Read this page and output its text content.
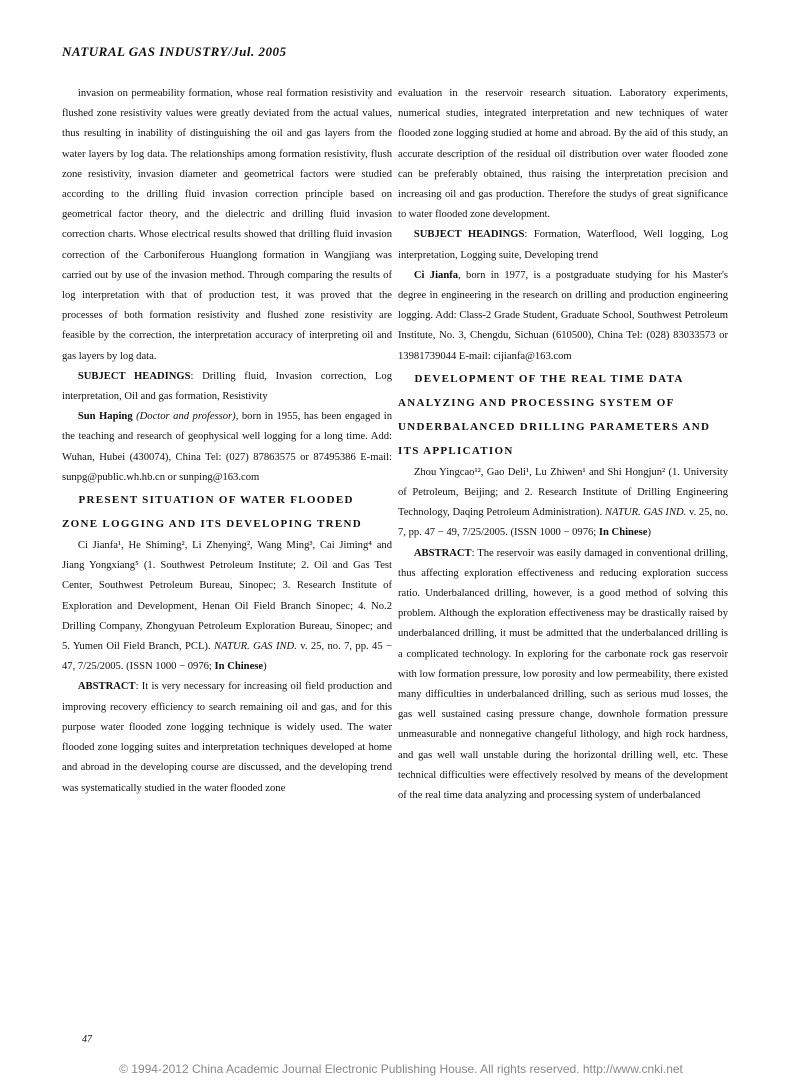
NATURAL GAS INDUSTRY/Jul. 2005

invasion on permeability formation, whose real formation resistivity and flushed zone resistivity values were greatly deviated from the actual values, thus resulting in inability of distinguishing the oil and gas layers from the water layers by log data. The relationships among formation resistivity, flush zone resistivity, invasion diameter and geometrical factors were studied according to the drilling fluid invasion correction principle based on geometrical factor theory, and the dielectric and drilling fluid invasion correction charts. Whose electrical results showed that drilling fluid invasion correction of the Carboniferous Huanglong formation in Wangjiang was carried out by use of the invasion method. Through comparing the results of log interpretation with that of production test, it was proved that the processes of both formation resistivity and flushed zone resistivity are feasible by the correction, the interpretation accuracy of interpreting oil and gas layers by log data.

SUBJECT HEADINGS: Drilling fluid, Invasion correction, Log interpretation, Oil and gas formation, Resistivity

Sun Haping (Doctor and professor), born in 1955, has been engaged in the teaching and research of geophysical well logging for a long time. Add: Wuhan, Hubei (430074), China Tel: (027) 87863575 or 87495386 E-mail: sunpg@public.wh.hb.cn or sunping@163.com

PRESENT SITUATION OF WATER FLOODED ZONE LOGGING AND ITS DEVELOPING TREND

Ci Jianfa¹, He Shiming², Li Zhenying², Wang Ming³, Cai Jiming⁴ and Jiang Yongxiang⁵ (1. Southwest Petroleum Institute; 2. Oil and Gas Test Center, Southwest Petroleum Bureau, Sinopec; 3. Research Institute of Exploration and Development, Henan Oil Field Branch Sinopec; 4. No.2 Drilling Company, Zhongyuan Petroleum Exploration Bureau, Sinopec; and 5. Yumen Oil Field Branch, PCL). NATUR. GAS IND. v. 25, no. 7, pp. 45 − 47, 7/25/2005. (ISSN 1000 − 0976; In Chinese)

ABSTRACT: It is very necessary for increasing oil field production and improving recovery efficiency to search remaining oil and gas, and for this purpose water flooded zone logging technique is widely used. The water flooded zone logging suites and interpretation techniques developed at home and abroad in the developing course are discussed, and the developing trend was systematically studied in the water flooded zone

47

evaluation in the reservoir research situation. Laboratory experiments, numerical studies, integrated interpretation and new techniques of water flooded zone logging studied at home and abroad. By the aid of this study, an accurate description of the residual oil distribution over water flooded zone can be preferably obtained, thus raising the interpretation precision and increasing oil and gas production. Therefore the studys of great significance to water flooded zone development.

SUBJECT HEADINGS: Formation, Waterflood, Well logging, Log interpretation, Logging suite, Developing trend

Ci Jianfa, born in 1977, is a postgraduate studying for his Master's degree in engineering in the research on drilling and production engineering logging. Add: Class-2 Grade Student, Graduate School, Southwest Petroleum Institute, No. 3, Chengdu, Sichuan (610500), China Tel: (028) 83033573 or 13981739044 E-mail: cijianfa@163.com

DEVELOPMENT OF THE REAL TIME DATA ANALYZING AND PROCESSING SYSTEM OF UNDERBALANCED DRILLING PARAMETERS AND ITS APPLICATION

Zhou Yingcao¹², Gao Deli¹, Lu Zhiwen¹ and Shi Hongjun² (1. University of Petroleum, Beijing; and 2. Research Institute of Drilling Engineering Technology, Daqing Petroleum Administration). NATUR. GAS IND. v. 25, no. 7, pp. 47 − 49, 7/25/2005. (ISSN 1000 − 0976; In Chinese)

ABSTRACT: The reservoir was easily damaged in conventional drilling, thus affecting exploration effectiveness and reducing exploration success ratio. Underbalanced drilling, however, is a good method of solving this problem. Although the exploration effectiveness may be drastically raised by underbalanced drilling, it must be admitted that the underbalanced drilling is a complicated technology. In exploring for the carbonate rock gas reservoir with low formation pressure, low porosity and low permeability, there existed many difficulties in underbalanced drilling, such as serious mud losses, the gas well sustained casing pressure change, downhole formation pressure unmeasurable and nonnegative changeful lithology, and high rock hardness, and gas well wall unstable during the horizontal drilling well, etc. These technical difficulties were effectively resolved by means of the development of the real time data analyzing and processing system of underbalanced

© 1994-2012 China Academic Journal Electronic Publishing House. All rights reserved. http://www.cnki.net
